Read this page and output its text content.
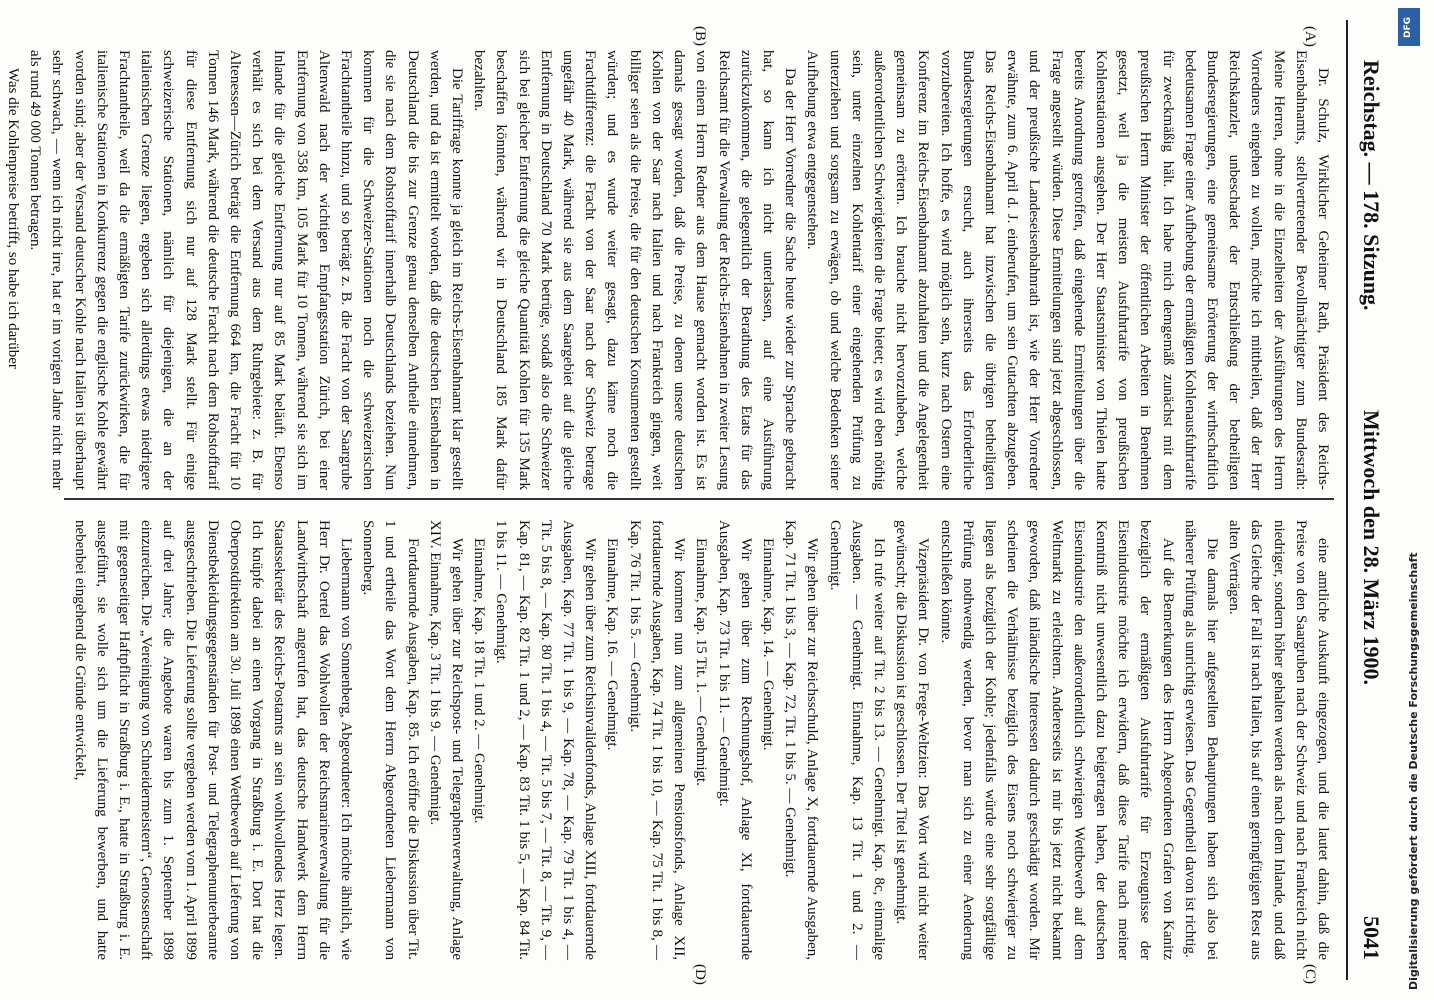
Reichstag. — 178. Sitzung.
Mittwoch den 28. März 1900.
5041

Dr. Schulz, Wirklicher Geheimer Rath, Präsident des Reichs-Eisenbahnamts, stellvertretender Bevollmächtigter zum Bundesrath: Meine Herren, ohne in die Einzelheiten der Ausführungen des Herrn Vorredners eingehen zu wollen, möchte ich mittheilen, daß der Herr Reichskanzler, unbeschadet der Entschließung der betheiligten Bundesregierungen, eine gemeinsame Erörterung der wirthschaftlich bedeutsamen Frage einer Aufhebung der ermäßigten Kohlenausfuhrtarife für zweckmäßig hält. Ich habe mich demgemäß zunächst mit dem preußischen Herrn Minister der öffentlichen Arbeiten in Benehmen gesetzt, weil ja die meisten Ausfuhrtarife von preußischen Kohlenstationen ausgehen. Der Herr Staatsminister von Thielen hatte bereits Anordnung getroffen, daß eingehende Ermittelungen über die Frage angestellt würden. Diese Ermittelungen sind jetzt abgeschlossen, und der preußische Landeseisenbahnrath ist, wie der Herr Vorredner erwähnte, zum 6. April d. J. einberufen, um sein Gutachten abzugeben. Das Reichs-Eisenbahnamt hat inzwischen die übrigen betheiligten Bundesregierungen ersucht, auch ihrerseits das Erforderliche vorzubereiten. Ich hoffe, es wird möglich sein, kurz nach Ostern eine Konferenz im Reichs-Eisenbahnamt abzuhalten und die Angelegenheit gemeinsam zu erörtern. Ich brauche nicht hervorzuheben, welche außerordentlichen Schwierigkeiten die Frage bietet; es wird eben nöthig sein, unter einzelnen Kohlentarif einer eingehenden Prüfung zu unterziehen und sorgsam zu erwägen, ob und welche Bedenken seiner Aufhebung etwa entgegenstehen.

Da der Herr Vorredner die Sache heute wieder zur Sprache gebracht hat, so kann ich nicht unterlassen, auf eine Ausführung zurückzukommen, die gelegentlich der Berathung des Etats für das Reichsamt für die Verwaltung der Reichs-Eisenbahnen in zweiter Lesung von einem Herrn Redner aus dem Hause gemacht worden ist. Es ist damals gesagt worden, daß die Preise, zu denen unsere deutschen Kohlen von der Saar nach Italien und nach Frankreich gingen, weit billiger seien als die Preise, die für den deutschen Konsumenten gestellt würden; und es wurde weiter gesagt, dazu käme noch die Frachtdifferenz: die Fracht von der Saar nach der Schweiz betrage ungefähr 40 Mark, während sie aus dem Saargebiet auf die gleiche Entfernung in Deutschland 70 Mark betrüge, sodaß also die Schweizer sich bei gleicher Entfernung die gleiche Quantität Kohlen für 135 Mark beschaffen könnten, während wir in Deutschland 185 Mark dafür bezahlten.

Die Tariffrage konnte ja gleich im Reichs-Eisenbahnamt klar gestellt werden, und da ist ermittelt worden, daß die deutschen Eisenbahnen in Deutschland die bis zur Grenze genau denselben Antheile einnehmen, die sie nach dem Rohstofftarif innerhalb Deutschlands beziehen. Nun kommen für die Schweizer-Stationen noch die schweizerischen Frachtantheile hinzu, und so beträgt z. B. die Fracht von der Saargrube Altenwald nach der wichtigen Empfangsstation Zürich, bei einer Entfernung von 358 km, 105 Mark für 10 Tonnen, während sie sich im Inlande für die gleiche Entfernung nur auf 85 Mark beläuft. Ebenso verhält es sich bei dem Versand aus dem Ruhrgebiete: z. B. für Altenessen—Zürich beträgt die Entfernung 664 km, die Fracht für 10 Tonnen 146 Mark, während die deutsche Fracht nach dem Rohstofftarif für diese Entfernung sich nur auf 128 Mark stellt. Für einige schweizerische Stationen, nämlich für diejenigen, die an der italienischen Grenze liegen, ergeben sich allerdings etwas niedrigere Frachtantheile, weil da die ermäßigten Tarife zurückwirken, die für italienische Stationen in Konkurrenz gegen die englische Kohle gewährt worden sind; aber der Versand deutscher Kohle nach Italien ist überhaupt sehr schwach, — wenn ich nicht irre, hat er im vorigen Jahre nicht mehr als rund 49 000 Tonnen betragen.

Was die Kohlenpreise betrifft, so habe ich darüber

eine amtliche Auskunft eingezogen, und die lautet dahin, daß die Preise von den Saargruben nach der Schweiz und nach Frankreich nicht niedriger, sondern höher gehalten werden als nach dem Inlande, und daß das Gleiche der Fall ist nach Italien, bis auf einen geringfügigen Rest aus alten Verträgen.

Die damals hier aufgestellten Behauptungen haben sich also bei näherer Prüfung als unrichtig erwiesen. Das Gegentheil davon ist richtig.

Auf die Bemerkungen des Herrn Abgeordneten Grafen von Kanitz bezüglich der ermäßigten Ausfuhrtarife für Erzeugnisse der Eisenindustrie möchte ich erwidern, daß diese Tarife nach meiner Kenntniß nicht unwesentlich dazu beigetragen haben, der deutschen Eisenindustrie den außerordentlich schwierigen Wettbewerb auf dem Weltmarkt zu erleichtern. Andererseits ist mir bis jetzt nicht bekannt geworden, daß inländische Interessen dadurch geschädigt worden. Mir scheinen die Verhältnisse bezüglich des Eisens noch schwieriger zu liegen als bezüglich der Kohle; jedenfalls würde eine sehr sorgfältige Prüfung nothwendig werden, bevor man sich zu einer Aenderung entschließen könnte.

Vizepräsident Dr. von Frege-Weltzien: Das Wort wird nicht weiter gewünscht; die Diskussion ist geschlossen. Der Titel ist genehmigt.

Ich rufe weiter auf Tit. 2 bis 13. — Genehmigt. Kap. 8c, einmalige Ausgaben. — Genehmigt. Einnahme, Kap. 13 Tit. 1 und 2. — Genehmigt.

Wir gehen über zur Reichsschuld, Anlage X, fortdauernde Ausgaben, Kap. 71 Tit. 1 bis 3, — Kap. 72, Tit. 1 bis 5. — Genehmigt.

Einnahme, Kap. 14. — Genehmigt.

Wir gehen über zum Rechnungshof, Anlage XI, fortdauernde Ausgaben, Kap. 73 Tit. 1 bis 11. — Genehmigt.

Einnahme, Kap. 15 Tit. 1. — Genehmigt.

Wir kommen nun zum allgemeinen Pensionsfonds, Anlage XII, fortdauernde Ausgaben, Kap. 74 Tit. 1 bis 10, — Kap. 75 Tit. 1 bis 8, — Kap. 76 Tit. 1 bis 5. — Genehmigt.

Einnahme, Kap. 16. — Genehmigt.

Wir gehen über zum Reichsinvalidenfonds, Anlage XIII, fortdauernde Ausgaben, Kap. 77 Tit. 1 bis 9, — Kap. 78, — Kap. 79 Tit. 1 bis 4, — Tit. 5 bis 8, — Kap. 80 Tit. 1 bis 4, — Tit. 5 bis 7, — Tit. 8, — Tit. 9, — Kap. 81, — Kap. 82 Tit. 1 und 2, — Kap. 83 Tit. 1 bis 5, — Kap. 84 Tit. 1 bis 11. — Genehmigt.

Einnahme, Kap. 18 Tit. 1 und 2. — Genehmigt.

Wir gehen über zur Reichspost- und Telegraphenverwaltung, Anlage XIV. Einnahme, Kap. 3 Tit. 1 bis 9. — Genehmigt.

Fortdauernde Ausgaben, Kap. 85. Ich eröffne die Diskussion über Tit. 1 und ertheile das Wort dem Herrn Abgeordneten Liebermann von Sonnenberg.

Liebermann von Sonnenberg, Abgeordneter: Ich möchte ähnlich, wie Herr Dr. Oertel das Wohlwollen der Reichsmarineverwaltung für die Landwirthschaft angerufen hat, das deutsche Handwerk dem Herrn Staatssekretär des Reichs-Postamts an sein wohlwollendes Herz legen. Ich knüpfe dabei an einen Vorgang in Straßburg i. E. Dort hat die Oberpostdirektion am 30. Juli 1898 einen Wettbewerb auf Lieferung von Dienstbekleidungsgegenständen für Post- und Telegraphenunterbeamte ausgeschrieben. Die Lieferung sollte vergeben werden vom 1. April 1899 auf drei Jahre; die Angebote waren bis zum 1. September 1898 einzureichen. Die „Vereinigung von Schneidermeistern“, Genossenschaft mit gegenseitiger Haftpflicht in Straßburg i. E., hatte in Straßburg i. E. ausgeführt, sie wolle sich um die Lieferung bewerben, und hatte nebenbei eingehend die Gründe entwickelt,

(A)
(B)
(C)
(D)
DFG
Digitalisierung gefördert durch die Deutsche Forschungsgemeinschaft
